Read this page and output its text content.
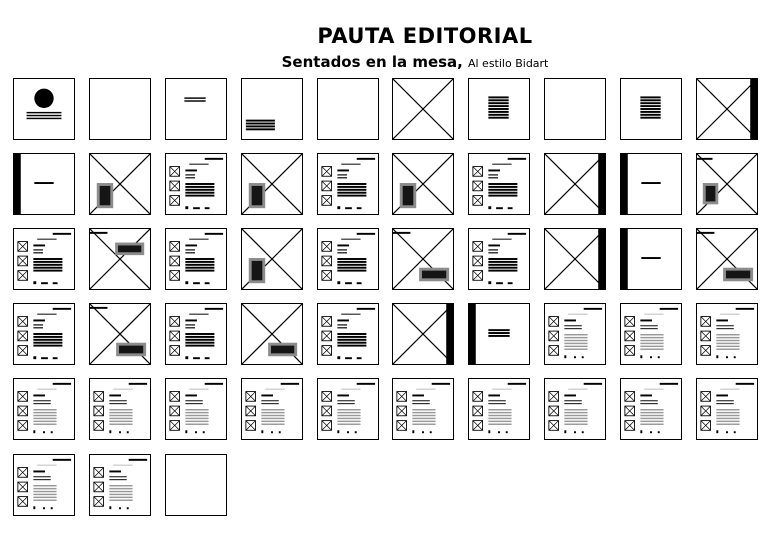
PAUTA EDITORIAL
Sentados en la mesa, Al estilo Bidart
